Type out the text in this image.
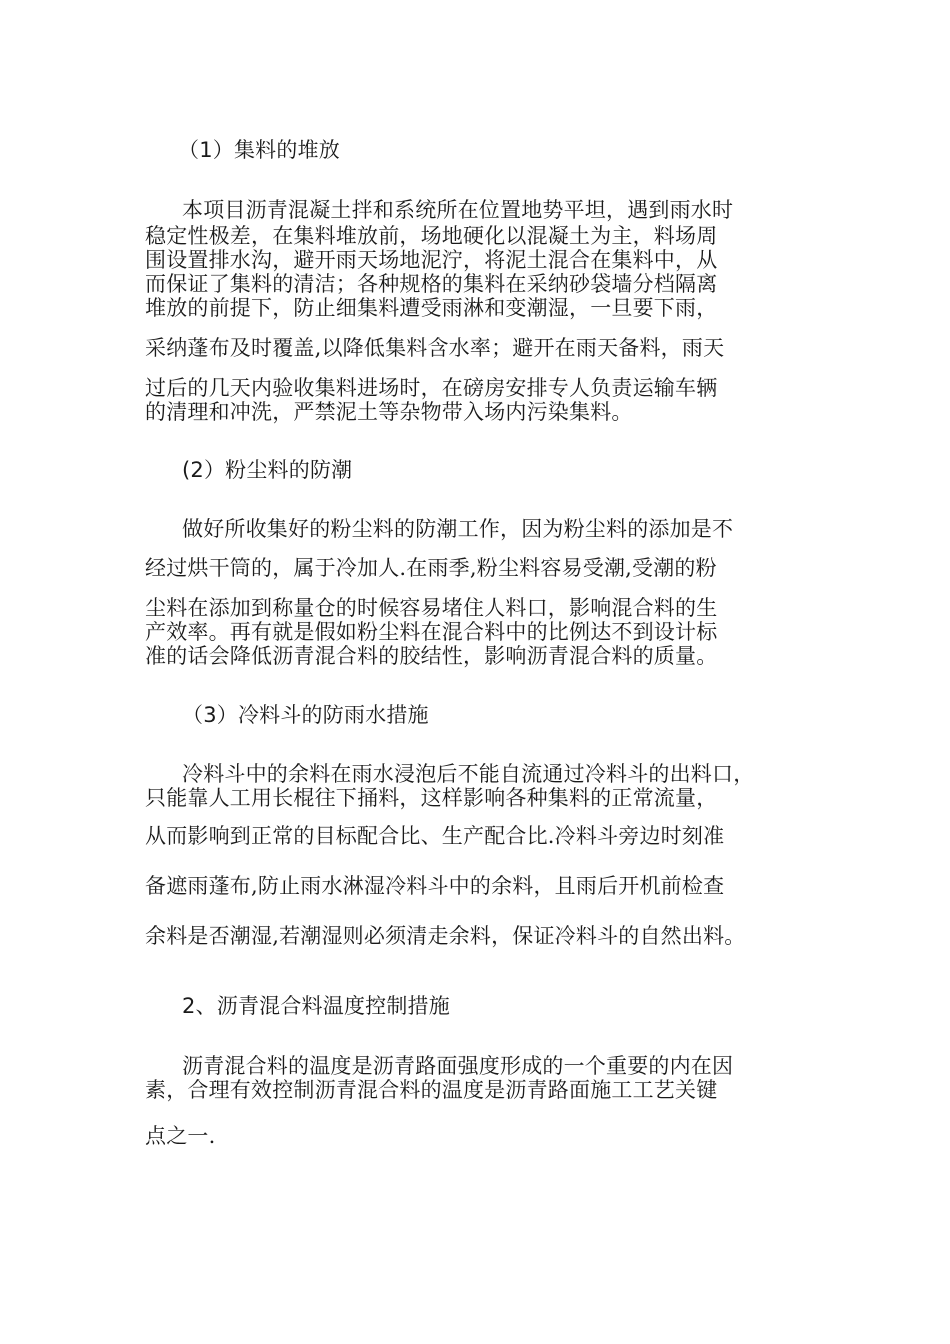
（1）集料的堆放
本项目沥青混凝土拌和系统所在位置地势平坦，遇到雨水时
稳定性极差，在集料堆放前，场地硬化以混凝土为主，料场周
围设置排水沟，避开雨天场地泥泞，将泥土混合在集料中，从
而保证了集料的清洁；各种规格的集料在采纳砂袋墙分档隔离
堆放的前提下，防止细集料遭受雨淋和变潮湿，一旦要下雨，
采纳蓬布及时覆盖,以降低集料含水率；避开在雨天备料，雨天
过后的几天内验收集料进场时，在磅房安排专人负责运输车辆
的清理和冲洗，严禁泥土等杂物带入场内污染集料。
(2）粉尘料的防潮
做好所收集好的粉尘料的防潮工作，因为粉尘料的添加是不
经过烘干筒的，属于冷加人.在雨季,粉尘料容易受潮,受潮的粉
尘料在添加到称量仓的时候容易堵住人料口，影响混合料的生
产效率。再有就是假如粉尘料在混合料中的比例达不到设计标
准的话会降低沥青混合料的胶结性，影响沥青混合料的质量。
（3）冷料斗的防雨水措施
冷料斗中的余料在雨水浸泡后不能自流通过冷料斗的出料口，
只能靠人工用长棍往下捅料，这样影响各种集料的正常流量，
从而影响到正常的目标配合比、生产配合比.冷料斗旁边时刻准
备遮雨蓬布,防止雨水淋湿冷料斗中的余料，且雨后开机前检查
余料是否潮湿,若潮湿则必须清走余料，保证冷料斗的自然出料。
2、沥青混合料温度控制措施
沥青混合料的温度是沥青路面强度形成的一个重要的内在因
素，合理有效控制沥青混合料的温度是沥青路面施工工艺关键
点之一.
